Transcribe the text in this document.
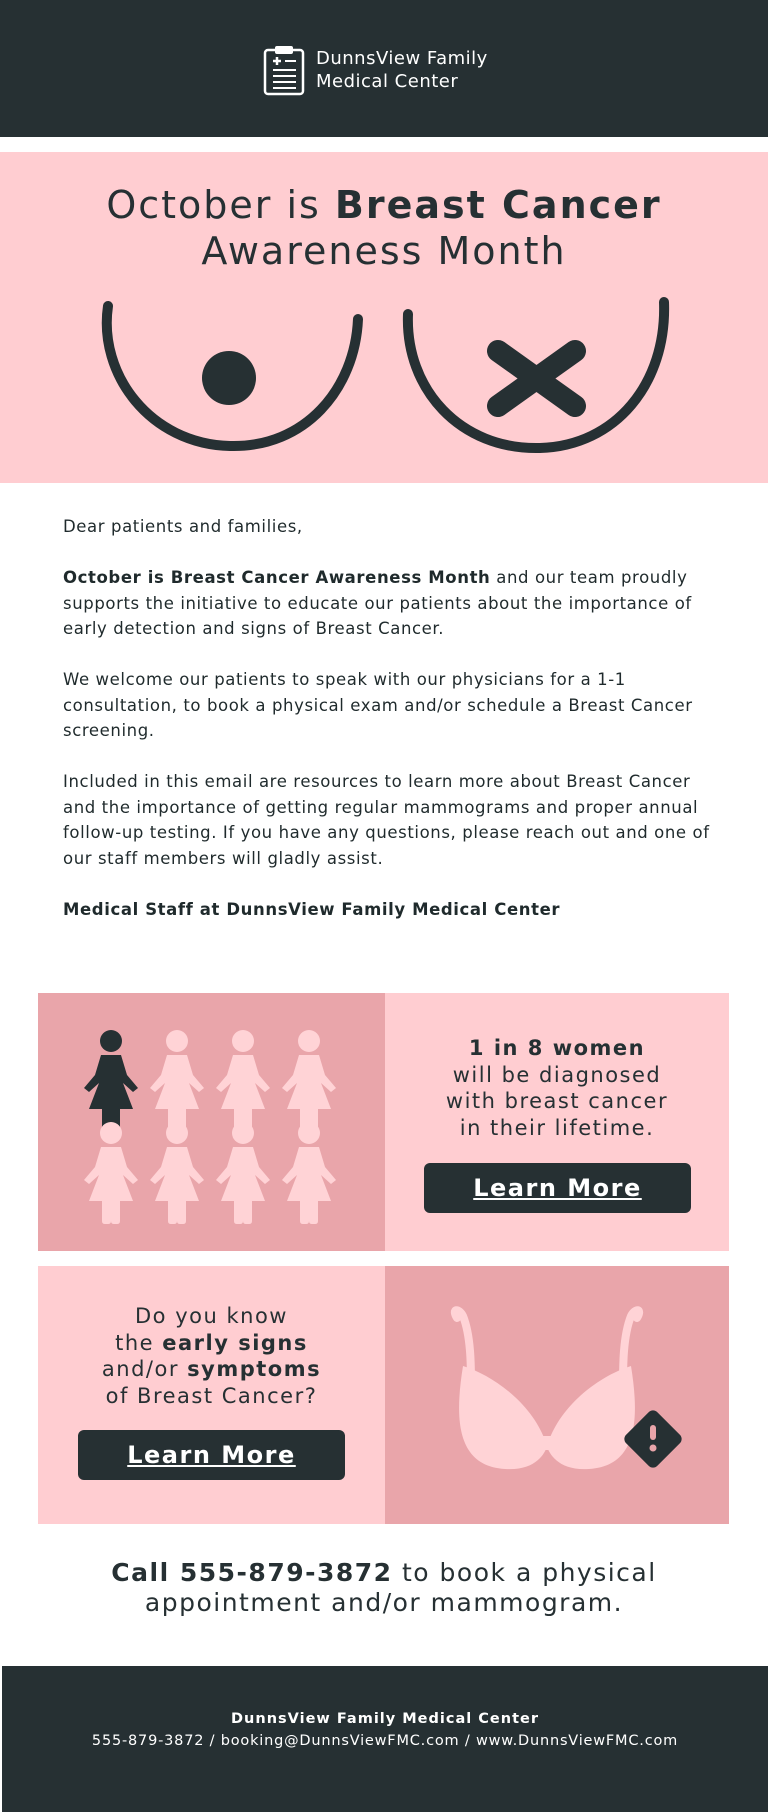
DunnsView Family
Medical Center
October is Breast Cancer
Awareness Month

Dear patients and families,

October is Breast Cancer Awareness Month and our team proudly supports the initiative to educate our patients about the importance of early detection and signs of Breast Cancer.

We welcome our patients to speak with our physicians for a 1-1 consultation, to book a physical exam and/or schedule a Breast Cancer screening.

Included in this email are resources to learn more about Breast Cancer and the importance of getting regular mammograms and proper annual follow-up testing. If you have any questions, please reach out and one of our staff members will gladly assist.

Medical Staff at DunnsView Family Medical Center

1 in 8 women
will be diagnosed
with breast cancer
in their lifetime.
Learn More
Do you know
the early signs
and/or symptoms
of Breast Cancer?
Learn More
Call 555-879-3872 to book a physical
appointment and/or mammogram.
DunnsView Family Medical Center
555-879-3872 / booking@DunnsViewFMC.com / www.DunnsViewFMC.com
